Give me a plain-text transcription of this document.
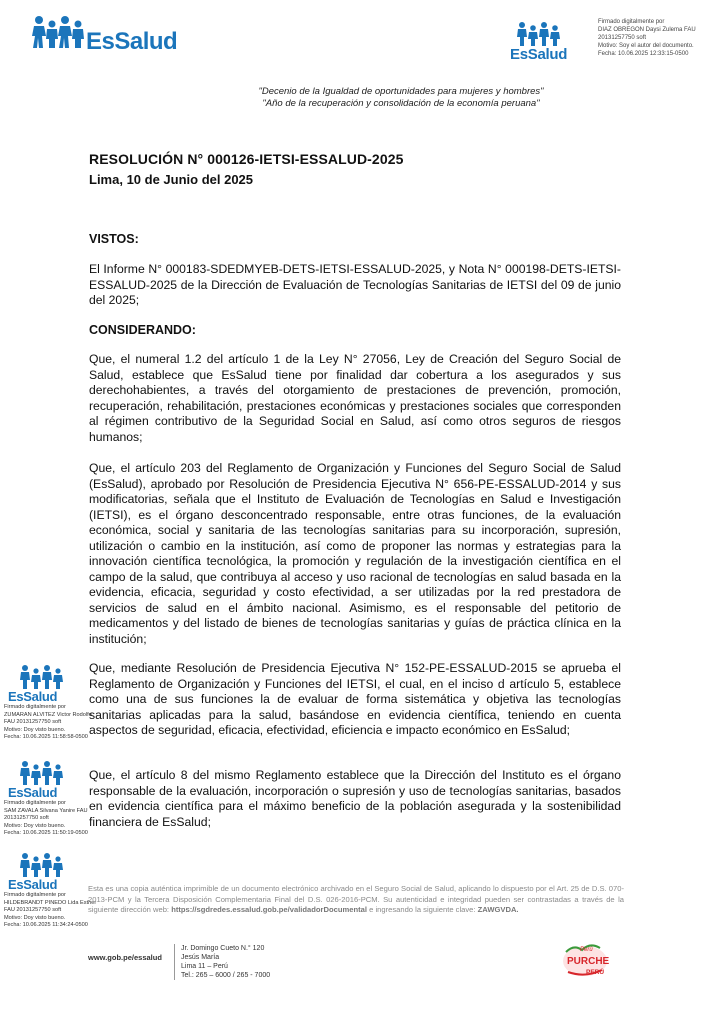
EsSalud	EsSalud
Firmado digitalmente por
DIAZ OBREGON Daysi Zulema FAU
20131257750 soft
Motivo: Soy el autor del documento.
Fecha: 10.06.2025 12:33:15-0500
"Decenio de la Igualdad de oportunidades para mujeres y hombres"
"Año de la recuperación y consolidación de la economía peruana"
RESOLUCIÓN N° 000126-IETSI-ESSALUD-2025
Lima, 10 de Junio del 2025
VISTOS:
El Informe N° 000183-SDEDMYEB-DETS-IETSI-ESSALUD-2025, y Nota N° 000198-DETS-IETSI-ESSALUD-2025 de la Dirección de Evaluación de Tecnologías Sanitarias de IETSI del 09 de junio del 2025;
CONSIDERANDO:
Que, el numeral 1.2 del artículo 1 de la Ley N° 27056, Ley de Creación del Seguro Social de Salud, establece que EsSalud tiene por finalidad dar cobertura a los asegurados y sus derechohabientes, a través del otorgamiento de prestaciones de prevención, promoción, recuperación, rehabilitación, prestaciones económicas y prestaciones sociales que corresponden al régimen contributivo de la Seguridad Social en Salud, así como otros seguros de riesgos humanos;
Que, el artículo 203 del Reglamento de Organización y Funciones del Seguro Social de Salud (EsSalud), aprobado por Resolución de Presidencia Ejecutiva N° 656-PE-ESSALUD-2014 y sus modificatorias, señala que el Instituto de Evaluación de Tecnologías en Salud e Investigación (IETSI), es el órgano desconcentrado responsable, entre otras funciones, de la evaluación económica, social y sanitaria de las tecnologías sanitarias para su incorporación, supresión, utilización o cambio en la institución, así como de proponer las normas y estrategias para la innovación científica tecnológica, la promoción y regulación de la investigación científica en el campo de la salud, que contribuya al acceso y uso racional de tecnologías en salud basada en la evidencia, eficacia, seguridad y costo efectividad, a ser utilizadas por la red prestadora de servicios de salud en el ámbito nacional. Asimismo, es el responsable del petitorio de medicamentos y del listado de bienes de tecnologías sanitarias y guías de práctica clínica en la institución;
Que, mediante Resolución de Presidencia Ejecutiva N° 152-PE-ESSALUD-2015 se aprueba el Reglamento de Organización y Funciones del IETSI, el cual, en el inciso d artículo 5, establece como una de sus funciones la de evaluar de forma sistemática y objetiva las tecnologías sanitarias aplicadas para la salud, basándose en evidencia científica, teniendo en cuenta aspectos de seguridad, eficacia, efectividad, eficiencia e impacto económico en EsSalud;
Que, el artículo 8 del mismo Reglamento establece que la Dirección del Instituto es el órgano responsable de la evaluación, incorporación o supresión y uso de tecnologías sanitarias, basados en evidencia científica para el máximo beneficio de la población asegurada y la sostenibilidad financiera de EsSalud;
EsSalud
Firmado digitalmente por
ZUMARAN ALVITEZ Victor Rodolfo
FAU 20131257750 soft
Motivo: Doy visto bueno.
Fecha: 10.06.2025 11:58:58-0500
EsSalud
Firmado digitalmente por
SAM ZAVALA Silvana Yanire FAU
20131257750 soft
Motivo: Doy visto bueno.
Fecha: 10.06.2025 11:50:19-0500
EsSalud
Firmado digitalmente por
HILDEBRANDT PINEDO Lida Esther
FAU 20131257750 soft
Motivo: Doy visto bueno.
Fecha: 10.06.2025 11:34:24-0500
Esta es una copia auténtica imprimible de un documento electrónico archivado en el Seguro Social de Salud, aplicando lo dispuesto por el Art. 25 de D.S. 070-2013-PCM y la Tercera Disposición Complementaria Final del D.S. 026-2016-PCM. Su autenticidad e integridad pueden ser contrastadas a través de la siguiente dirección web: https://sgdredes.essalud.gob.pe/validadorDocumental e ingresando la siguiente clave: ZAWGVDA.
www.gob.pe/essalud
Jr. Domingo Cueto N.° 120
Jesús María
Lima 11 – Perú
Tel.: 265 – 6000 / 265 - 7000
Perú
PURCHE
PERÚ
